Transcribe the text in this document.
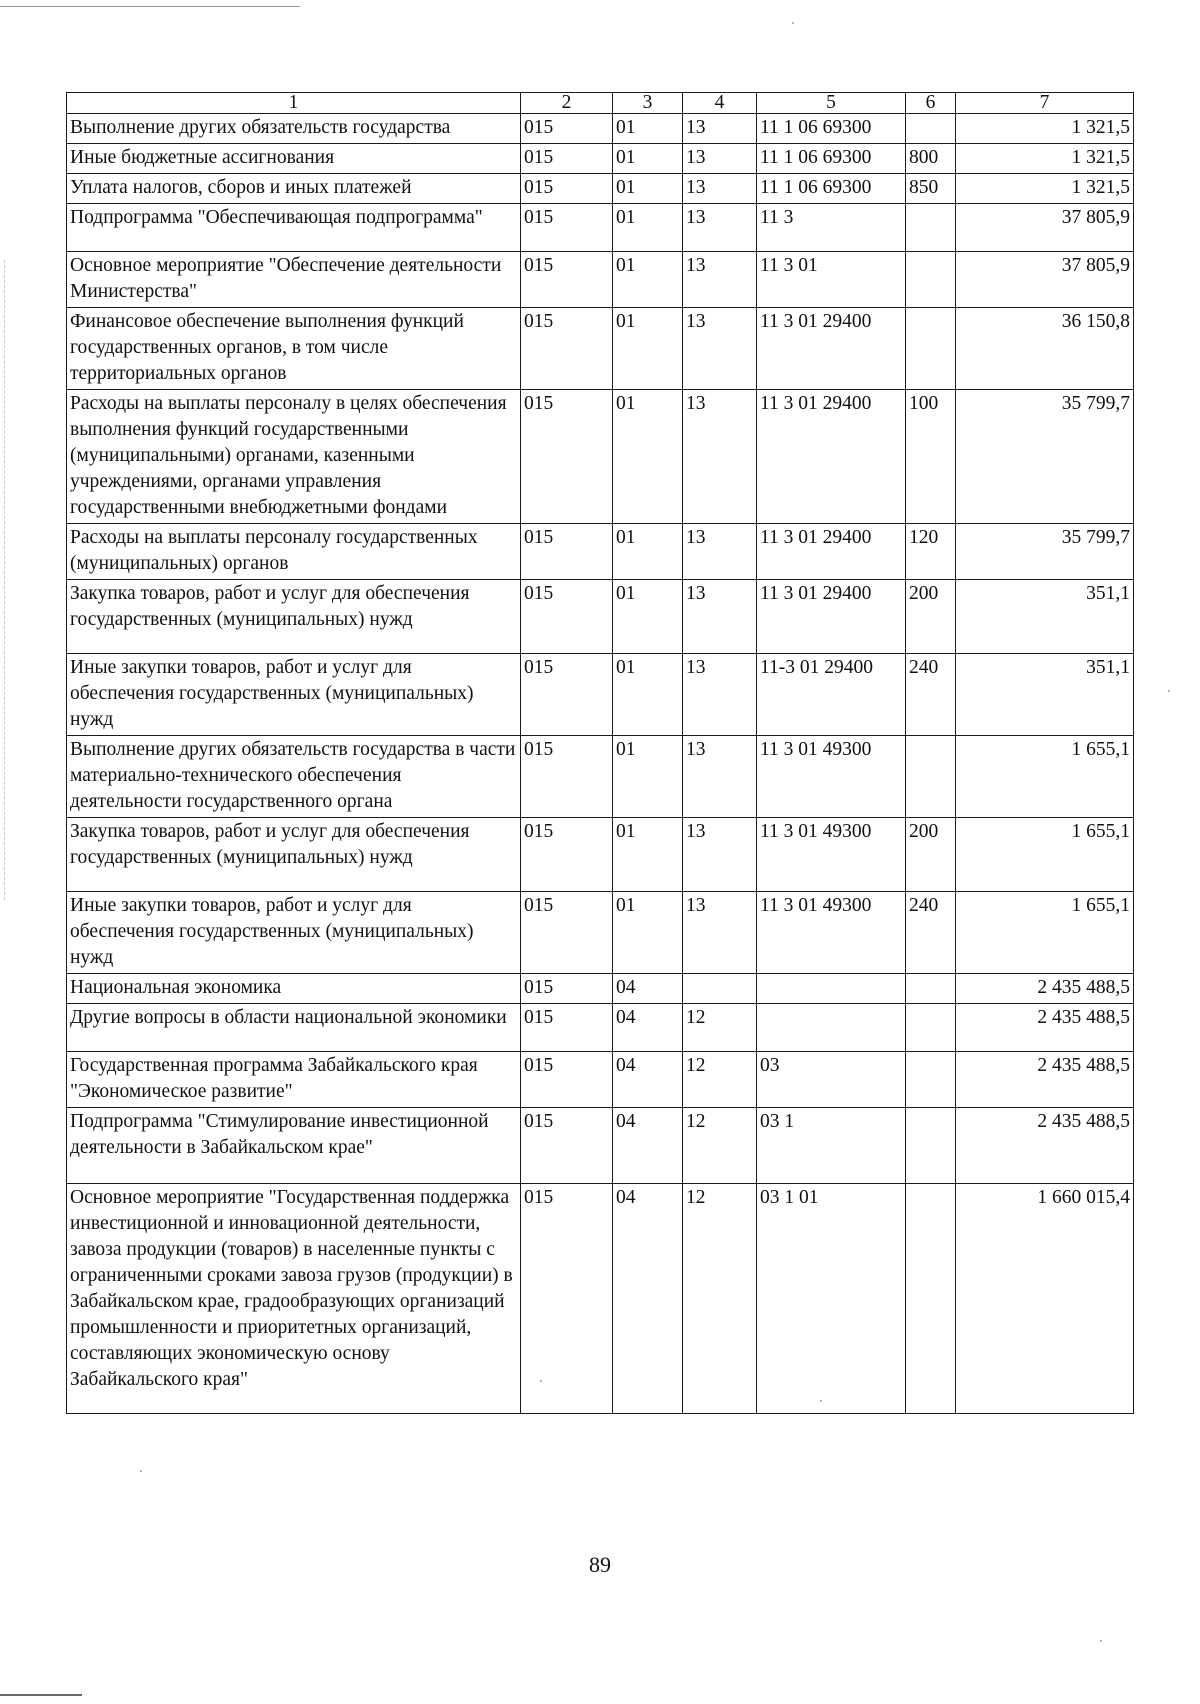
1	2	3	4	5	6	7
Выполнение других обязательств государства	015	01	13	11 1 06 69300		1 321,5
Иные бюджетные ассигнования	015	01	13	11 1 06 69300	800	1 321,5
Уплата налогов, сборов и иных платежей	015	01	13	11 1 06 69300	850	1 321,5
Подпрограмма "Обеспечивающая подпрограмма"	015	01	13	11 3		37 805,9
Основное мероприятие "Обеспечение деятельности Министерства"	015	01	13	11 3 01		37 805,9
Финансовое обеспечение выполнения функций государственных органов, в том числе территориальных органов	015	01	13	11 3 01 29400		36 150,8
Расходы на выплаты персоналу в целях обеспечения выполнения функций государственными (муниципальными) органами, казенными учреждениями, органами управления государственными внебюджетными фондами	015	01	13	11 3 01 29400	100	35 799,7
Расходы на выплаты персоналу государственных (муниципальных) органов	015	01	13	11 3 01 29400	120	35 799,7
Закупка товаров, работ и услуг для обеспечения государственных (муниципальных) нужд	015	01	13	11 3 01 29400	200	351,1
Иные закупки товаров, работ и услуг для обеспечения государственных (муниципальных) нужд	015	01	13	11-3 01 29400	240	351,1
Выполнение других обязательств государства в части материально-технического обеспечения деятельности государственного органа	015	01	13	11 3 01 49300		1 655,1
Закупка товаров, работ и услуг для обеспечения государственных (муниципальных) нужд	015	01	13	11 3 01 49300	200	1 655,1
Иные закупки товаров, работ и услуг для обеспечения государственных (муниципальных) нужд	015	01	13	11 3 01 49300	240	1 655,1
Национальная экономика	015	04				2 435 488,5
Другие вопросы в области национальной экономики	015	04	12			2 435 488,5
Государственная программа Забайкальского края "Экономическое развитие"	015	04	12	03		2 435 488,5
Подпрограмма "Стимулирование инвестиционной деятельности в Забайкальском крае"	015	04	12	03 1		2 435 488,5
Основное мероприятие "Государственная поддержка инвестиционной и инновационной деятельности, завоза продукции (товаров) в населенные пункты с ограниченными сроками завоза грузов (продукции) в Забайкальском крае, градообразующих организаций промышленности и приоритетных организаций, составляющих экономическую основу Забайкальского края"	015	04	12	03 1 01		1 660 015,4
89
